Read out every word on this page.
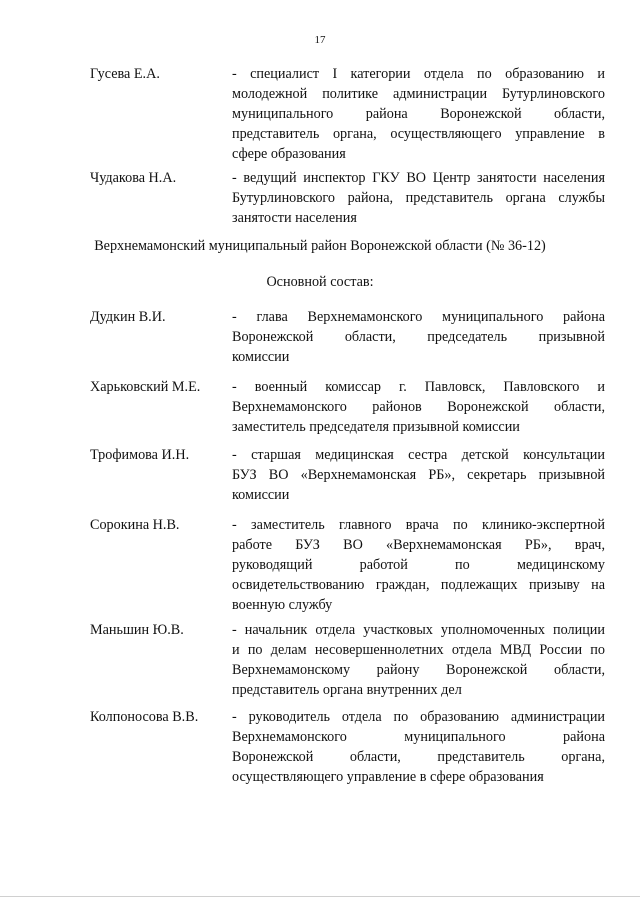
17
Гусева Е.А.	- специалист I категории отдела по образованию и
молодежной политике администрации Бутурлиновского
муниципального района Воронежской области,
представитель органа, осуществляющего управление в
сфере образования
Чудакова Н.А.	- ведущий инспектор ГКУ ВО Центр занятости населения
Бутурлиновского района, представитель органа службы
занятости населения
Верхнемамонский муниципальный район Воронежской области (№ 36-12)
Основной состав:
Дудкин В.И.	- глава Верхнемамонского муниципального района
Воронежской области, председатель призывной
комиссии
Харьковский М.Е. - военный комиссар г. Павловск, Павловского и
Верхнемамонского районов Воронежской области,
заместитель председателя призывной комиссии
Трофимова И.Н.	- старшая медицинская сестра детской консультации
БУЗ ВО «Верхнемамонская РБ», секретарь призывной
комиссии
Сорокина Н.В.	- заместитель главного врача по клинико-экспертной
работе БУЗ ВО «Верхнемамонская РБ», врач,
руководящий работой по медицинскому
освидетельствованию граждан, подлежащих призыву на
военную службу
Маньшин Ю.В.	- начальник отдела участковых уполномоченных полиции
и по делам несовершеннолетних отдела МВД России по
Верхнемамонскому району Воронежской области,
представитель органа внутренних дел
Колпоносова В.В. - руководитель отдела по образованию администрации
Верхнемамонского муниципального района
Воронежской области, представитель органа,
осуществляющего управление в сфере образования
